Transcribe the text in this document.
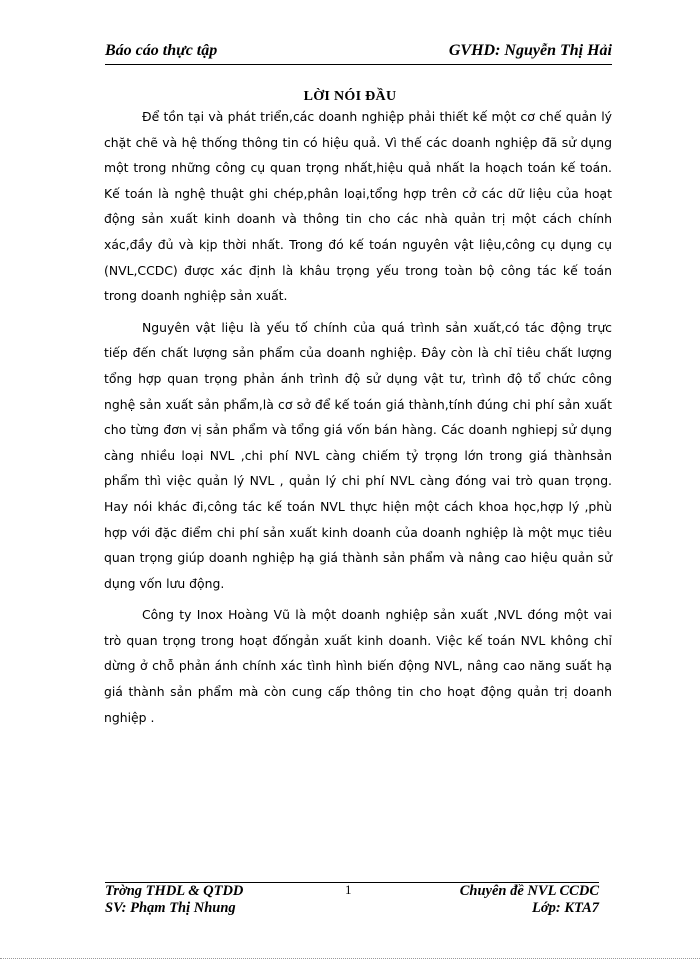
Báo cáo thực tập	GVHD: Nguyễn Thị Hải
LỜI NÓI ĐẦU

Để tồn tại và phát triển,các doanh nghiệp phải thiết kế một cơ chế quản lý chặt chẽ và hệ thống thông tin có hiệu quả. Vì thế các doanh nghiệp đã sử dụng một trong những công cụ quan trọng nhất,hiệu quả nhất la hoạch toán kế toán. Kế toán là nghệ thuật ghi chép,phân loại,tổng hợp trên cở các dữ liệu của hoạt động sản xuất kinh doanh và thông tin cho các nhà quản trị một cách chính xác,đầy đủ và kịp thời nhất. Trong đó kế toán nguyên vật liệu,công cụ dụng cụ (NVL,CCDC) được xác định là khâu trọng yếu trong toàn bộ công tác kế toán trong doanh nghiệp sản xuất.

Nguyên vật liệu là yếu tố chính của quá trình sản xuất,có tác động trực tiếp đến chất lượng sản phẩm của doanh nghiệp. Đây còn là chỉ tiêu chất lượng tổng hợp quan trọng phản ánh trình độ sử dụng vật tư, trình độ tổ chức công nghệ sản xuất sản phẩm,là cơ sở để kế toán giá thành,tính đúng chi phí sản xuất cho từng đơn vị sản phẩm và tổng giá vốn bán hàng. Các doanh nghiepj sử dụng càng nhiều loại NVL ,chi phí NVL càng chiếm tỷ trọng lớn trong giá thànhsản phẩm thì việc quản lý NVL , quản lý chi phí NVL càng đóng vai trò quan trọng. Hay nói khác đi,công tác kế toán NVL thực hiện một cách khoa học,hợp lý ,phù hợp với đặc điểm chi phí sản xuất kinh doanh của doanh nghiệp là một mục tiêu quan trọng giúp doanh nghiệp hạ giá thành sản phẩm và nâng cao hiệu quản sử dụng vốn lưu động.

Công ty Inox Hoàng Vũ là một doanh nghiệp sản xuất ,NVL đóng một vai trò quan trọng trong hoạt đốngản xuất kinh doanh. Việc kế toán NVL không chỉ dừng ở chỗ phản ánh chính xác tình hình biến động NVL, nâng cao năng suất hạ giá thành sản phẩm mà còn cung cấp thông tin cho hoạt động quản trị doanh nghiệp .

Trờng THDL & QTDD	1	Chuyên đề NVL CCDC
SV: Phạm Thị Nhung	Lớp: KTA7
